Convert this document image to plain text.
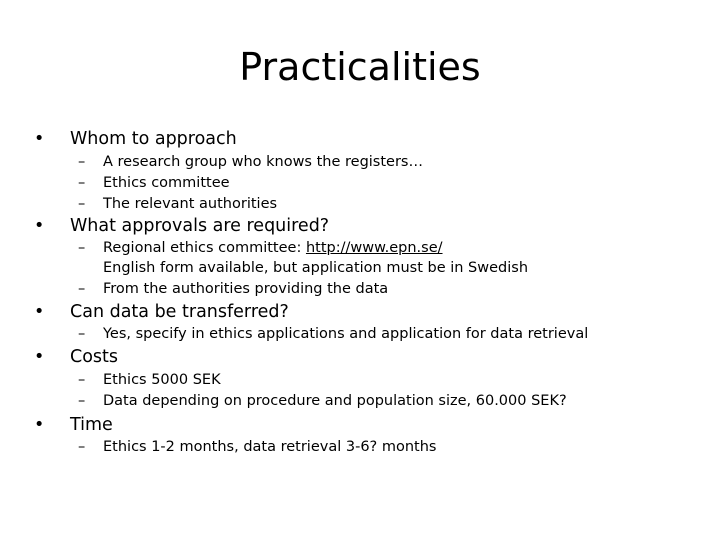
Practicalities
• Whom to approach
– A research group who knows the registers…
– Ethics committee
– The relevant authorities
• What approvals are required?
– Regional ethics committee: http://www.epn.se/
English form available, but application must be in Swedish
– From the authorities providing the data
• Can data be transferred?
– Yes, specify in ethics applications and application for data retrieval
• Costs
– Ethics 5000 SEK
– Data depending on procedure and population size, 60.000 SEK?
• Time
– Ethics 1-2 months, data retrieval 3-6? months
